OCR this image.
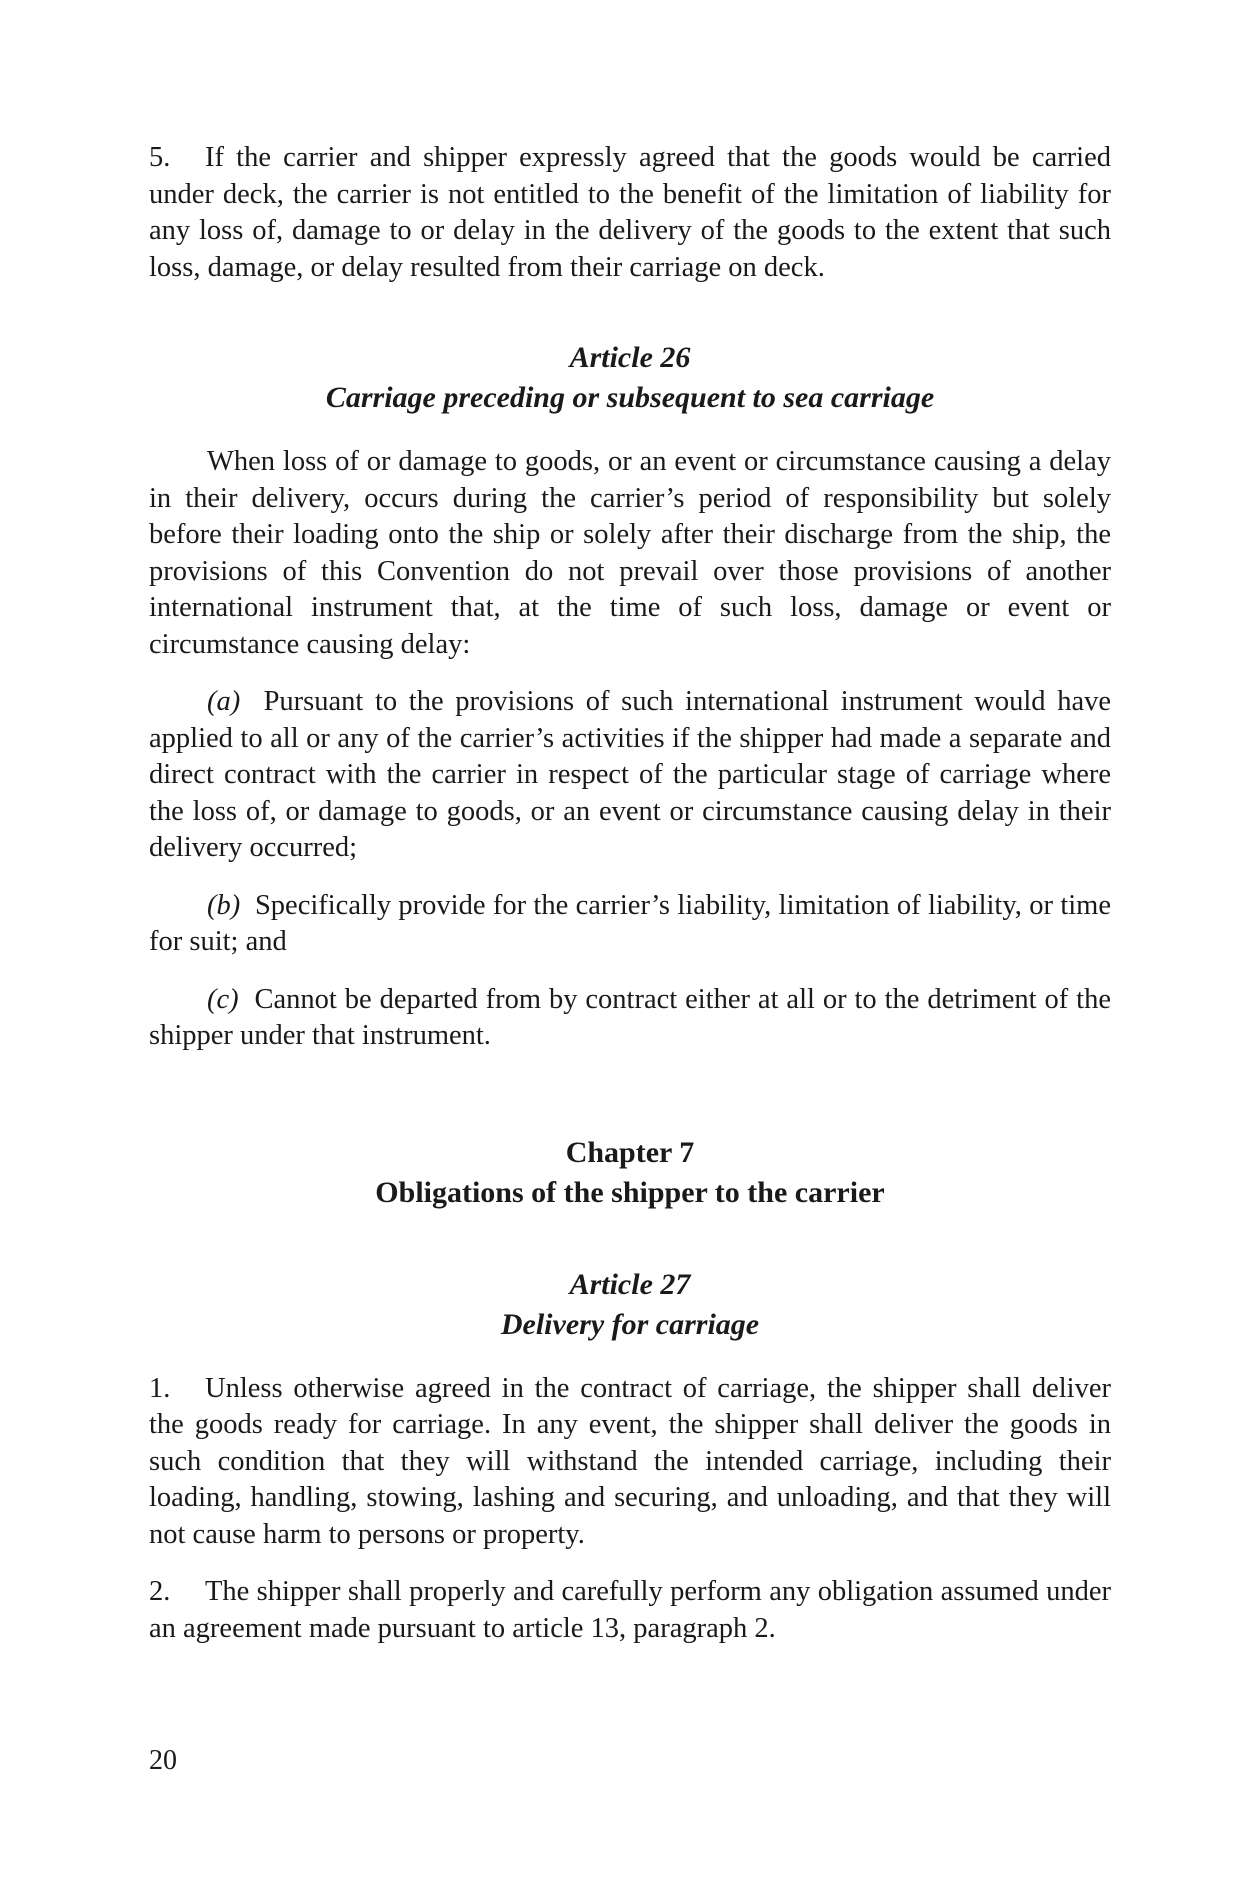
5. If the carrier and shipper expressly agreed that the goods would be carried under deck, the carrier is not entitled to the benefit of the limitation of liability for any loss of, damage to or delay in the delivery of the goods to the extent that such loss, damage, or delay resulted from their carriage on deck.

Article 26
Carriage preceding or subsequent to sea carriage

When loss of or damage to goods, or an event or circumstance causing a delay in their delivery, occurs during the carrier’s period of responsibility but solely before their loading onto the ship or solely after their discharge from the ship, the provisions of this Convention do not prevail over those provisions of another international instrument that, at the time of such loss, damage or event or circumstance causing delay:

(a) Pursuant to the provisions of such international instrument would have applied to all or any of the carrier’s activities if the shipper had made a separate and direct contract with the carrier in respect of the particular stage of carriage where the loss of, or damage to goods, or an event or circumstance causing delay in their delivery occurred;

(b) Specifically provide for the carrier’s liability, limitation of liability, or time for suit; and

(c) Cannot be departed from by contract either at all or to the detriment of the shipper under that instrument.

Chapter 7
Obligations of the shipper to the carrier
Article 27
Delivery for carriage

1. Unless otherwise agreed in the contract of carriage, the shipper shall deliver the goods ready for carriage. In any event, the shipper shall deliver the goods in such condition that they will withstand the intended carriage, including their loading, handling, stowing, lashing and securing, and unloading, and that they will not cause harm to persons or property.

2. The shipper shall properly and carefully perform any obligation assumed under an agreement made pursuant to article 13, paragraph 2.

20
